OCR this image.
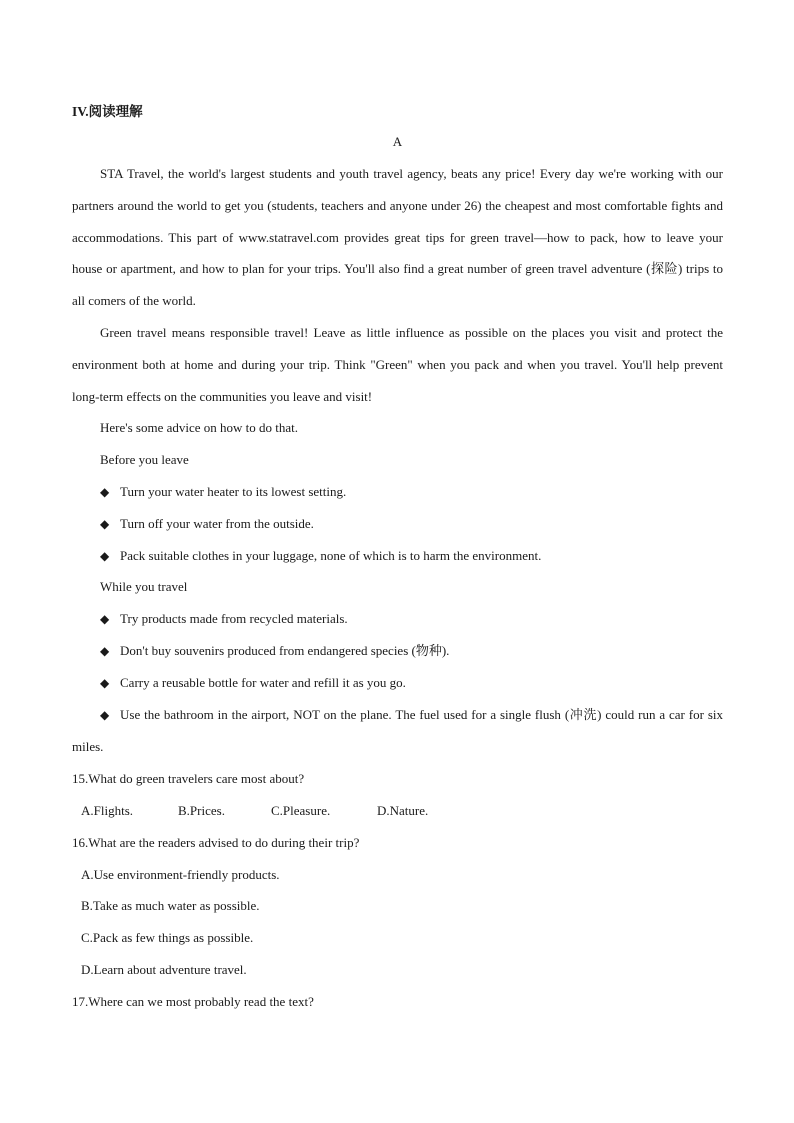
IV.阅读理解

A

STA Travel, the world's largest students and youth travel agency, beats any price! Every day we're working with our partners around the world to get you (students, teachers and anyone under 26) the cheapest and most comfortable fights and accommodations. This part of www.statravel.com provides great tips for green travel—how to pack, how to leave your house or apartment, and how to plan for your trips. You'll also find a great number of green travel adventure (探险) trips to all comers of the world.

Green travel means responsible travel! Leave as little influence as possible on the places you visit and protect the environment both at home and during your trip. Think "Green" when you pack and when you travel. You'll help prevent long-term effects on the communities you leave and visit!

Here's some advice on how to do that.

Before you leave

◆ Turn your water heater to its lowest setting.

◆ Turn off your water from the outside.

◆ Pack suitable clothes in your luggage, none of which is to harm the environment.

While you travel

◆ Try products made from recycled materials.

◆ Don't buy souvenirs produced from endangered species (物种).

◆ Carry a reusable bottle for water and refill it as you go.

◆ Use the bathroom in the airport, NOT on the plane. The fuel used for a single flush (冲洗) could run a car for six miles.

15.What do green travelers care most about?

A.Flights.	B.Prices.	C.Pleasure.	D.Nature.

16.What are the readers advised to do during their trip?

A.Use environment-friendly products.

B.Take as much water as possible.

C.Pack as few things as possible.

D.Learn about adventure travel.

17.Where can we most probably read the text?
